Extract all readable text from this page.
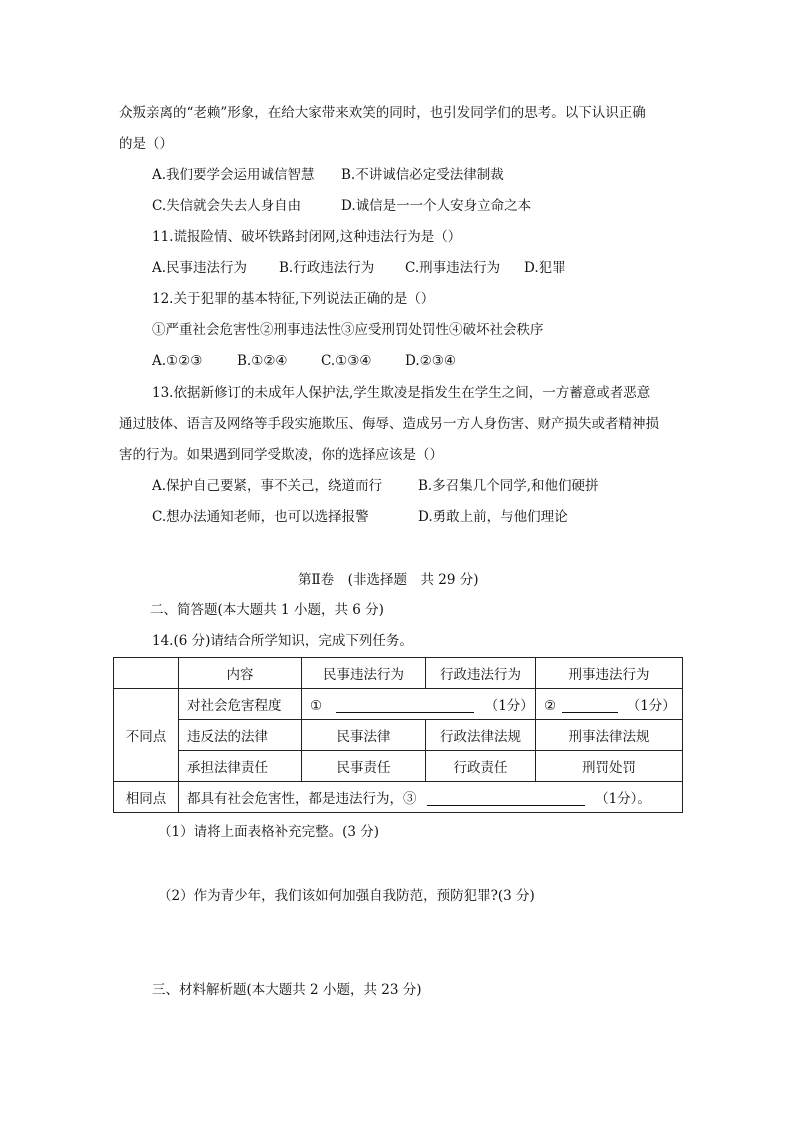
众叛亲离的“老赖”形象，在给大家带来欢笑的同时，也引发同学们的思考。以下认识正确
的是（）
A.我们要学会运用诚信智慧 B.不讲诚信必定受法律制裁
C.失信就会失去人身自由	D.诚信是一一个人安身立命之本
11.谎报险情、破坏铁路封闭网,这种违法行为是（）
A.民事违法行为 B.行政违法行为 C.刑事违法行为 D.犯罪
12.关于犯罪的基本特征,下列说法正确的是（）
①严重社会危害性②刑事违法性③应受刑罚处罚性④破坏社会秩序
A.①②③	B.①②④ C.①③④ D.②③④
13.依据新修订的未成年人保护法,学生欺凌是指发生在学生之间，一方蓄意或者恶意
通过肢体、语言及网络等手段实施欺压、侮辱、造成另一方人身伤害、财产损失或者精神损
害的行为。如果遇到同学受欺凌，你的选择应该是（）
A.保护自己要紧，事不关己，绕道而行	B.多召集几个同学,和他们硬拼
C.想办法通知老师，也可以选择报警	D.勇敢上前，与他们理论
第Ⅱ卷　(非选择题　共 29 分)
二、简答题(本大题共 1 小题，共 6 分)
14.(6 分)请结合所学知识，完成下列任务。
	内容	民事违法行为	行政违法行为	刑事违法行为
不同点	对社会危害程度	① （1分）		② （1分）
	违反法的法律	民事法律	行政法律法规	刑事法律法规
	承担法律责任	民事责任	行政责任	刑罚处罚
相同点	都具有社会危害性，都是违法行为，③ （1分）。			
（1）请将上面表格补充完整。(3 分)
（2）作为青少年，我们该如何加强自我防范，预防犯罪?(3 分)
三、材料解析题(本大题共 2 小题，共 23 分)
